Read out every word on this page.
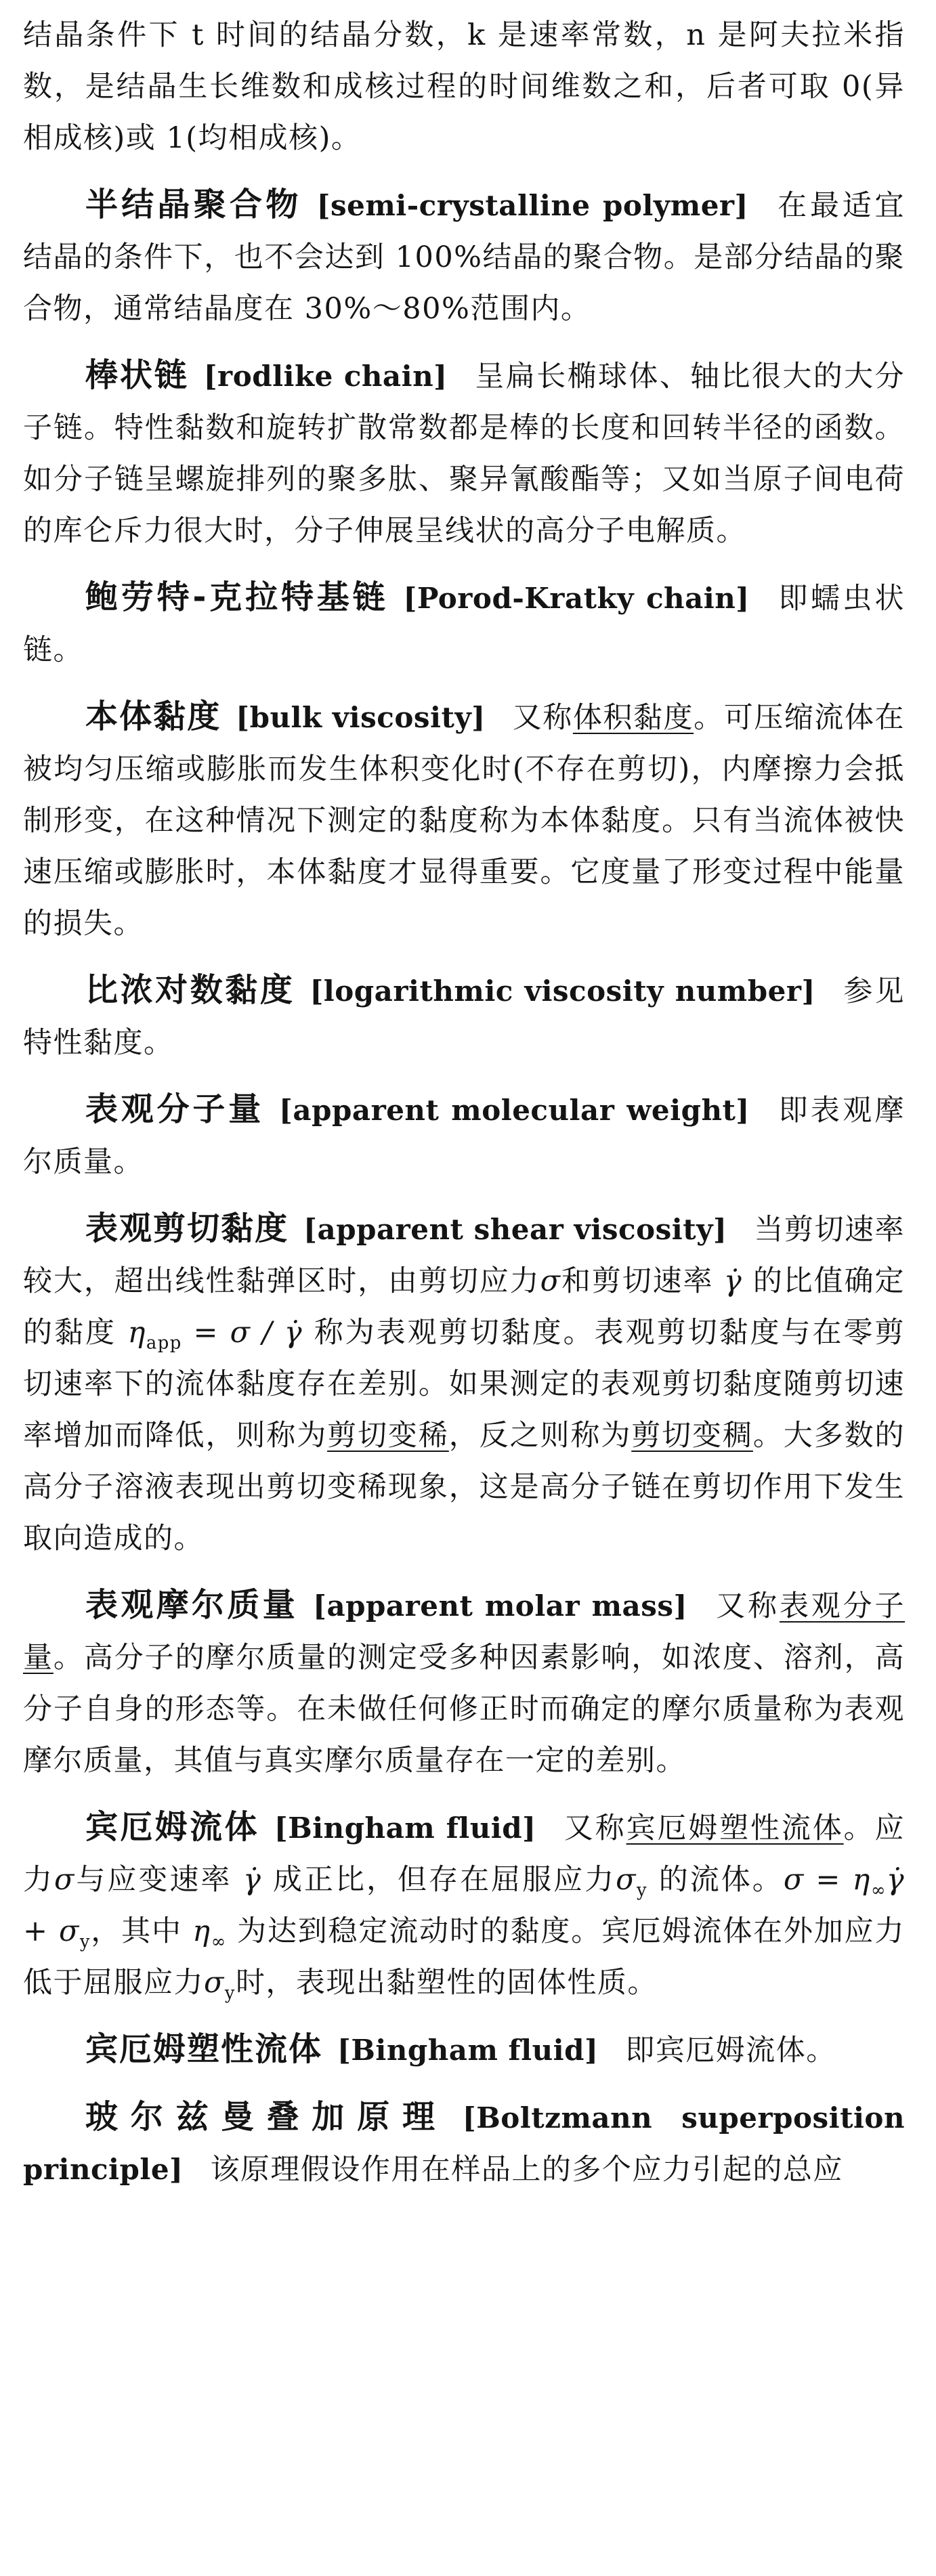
结晶条件下 t 时间的结晶分数，k 是速率常数，n 是阿夫拉米指数，是结晶生长维数和成核过程的时间维数之和，后者可取 0(异相成核)或 1(均相成核)。

半结晶聚合物 [semi-crystalline polymer] 在最适宜结晶的条件下，也不会达到 100%结晶的聚合物。是部分结晶的聚合物，通常结晶度在 30%～80%范围内。

棒状链 [rodlike chain] 呈扁长椭球体、轴比很大的大分子链。特性黏数和旋转扩散常数都是棒的长度和回转半径的函数。如分子链呈螺旋排列的聚多肽、聚异氰酸酯等；又如当原子间电荷的库仑斥力很大时，分子伸展呈线状的高分子电解质。

鲍劳特-克拉特基链 [Porod-Kratky chain] 即蠕虫状链。

本体黏度 [bulk viscosity] 又称体积黏度。可压缩流体在被均匀压缩或膨胀而发生体积变化时(不存在剪切)，内摩擦力会抵制形变，在这种情况下测定的黏度称为本体黏度。只有当流体被快速压缩或膨胀时，本体黏度才显得重要。它度量了形变过程中能量的损失。

比浓对数黏度 [logarithmic viscosity number] 参见特性黏度。

表观分子量 [apparent molecular weight] 即表观摩尔质量。

表观剪切黏度 [apparent shear viscosity] 当剪切速率较大，超出线性黏弹区时，由剪切应力σ和剪切速率 γ̇ 的比值确定的黏度 $\eta_{app} = \sigma$ / γ̇ 称为表观剪切黏度。表观剪切黏度与在零剪切速率下的流体黏度存在差别。如果测定的表观剪切黏度随剪切速率增加而降低，则称为剪切变稀，反之则称为剪切变稠。大多数的高分子溶液表现出剪切变稀现象，这是高分子链在剪切作用下发生取向造成的。

表观摩尔质量 [apparent molar mass] 又称表观分子量。高分子的摩尔质量的测定受多种因素影响，如浓度、溶剂，高分子自身的形态等。在未做任何修正时而确定的摩尔质量称为表观摩尔质量，其值与真实摩尔质量存在一定的差别。

宾厄姆流体 [Bingham fluid] 又称宾厄姆塑性流体。应力σ与应变速率 γ̇ 成正比，但存在屈服应力$\sigma_y$ 的流体。$\sigma = \eta_\infty\gammȧ + \sigma_y$，其中 $\eta_\infty$ 为达到稳定流动时的黏度。宾厄姆流体在外加应力低于屈服应力$\sigma_y$时，表现出黏塑性的固体性质。

宾厄姆塑性流体 [Bingham fluid] 即宾厄姆流体。

玻尔兹曼叠加原理 [Boltzmann superposition principle] 该原理假设作用在样品上的多个应力引起的总应
